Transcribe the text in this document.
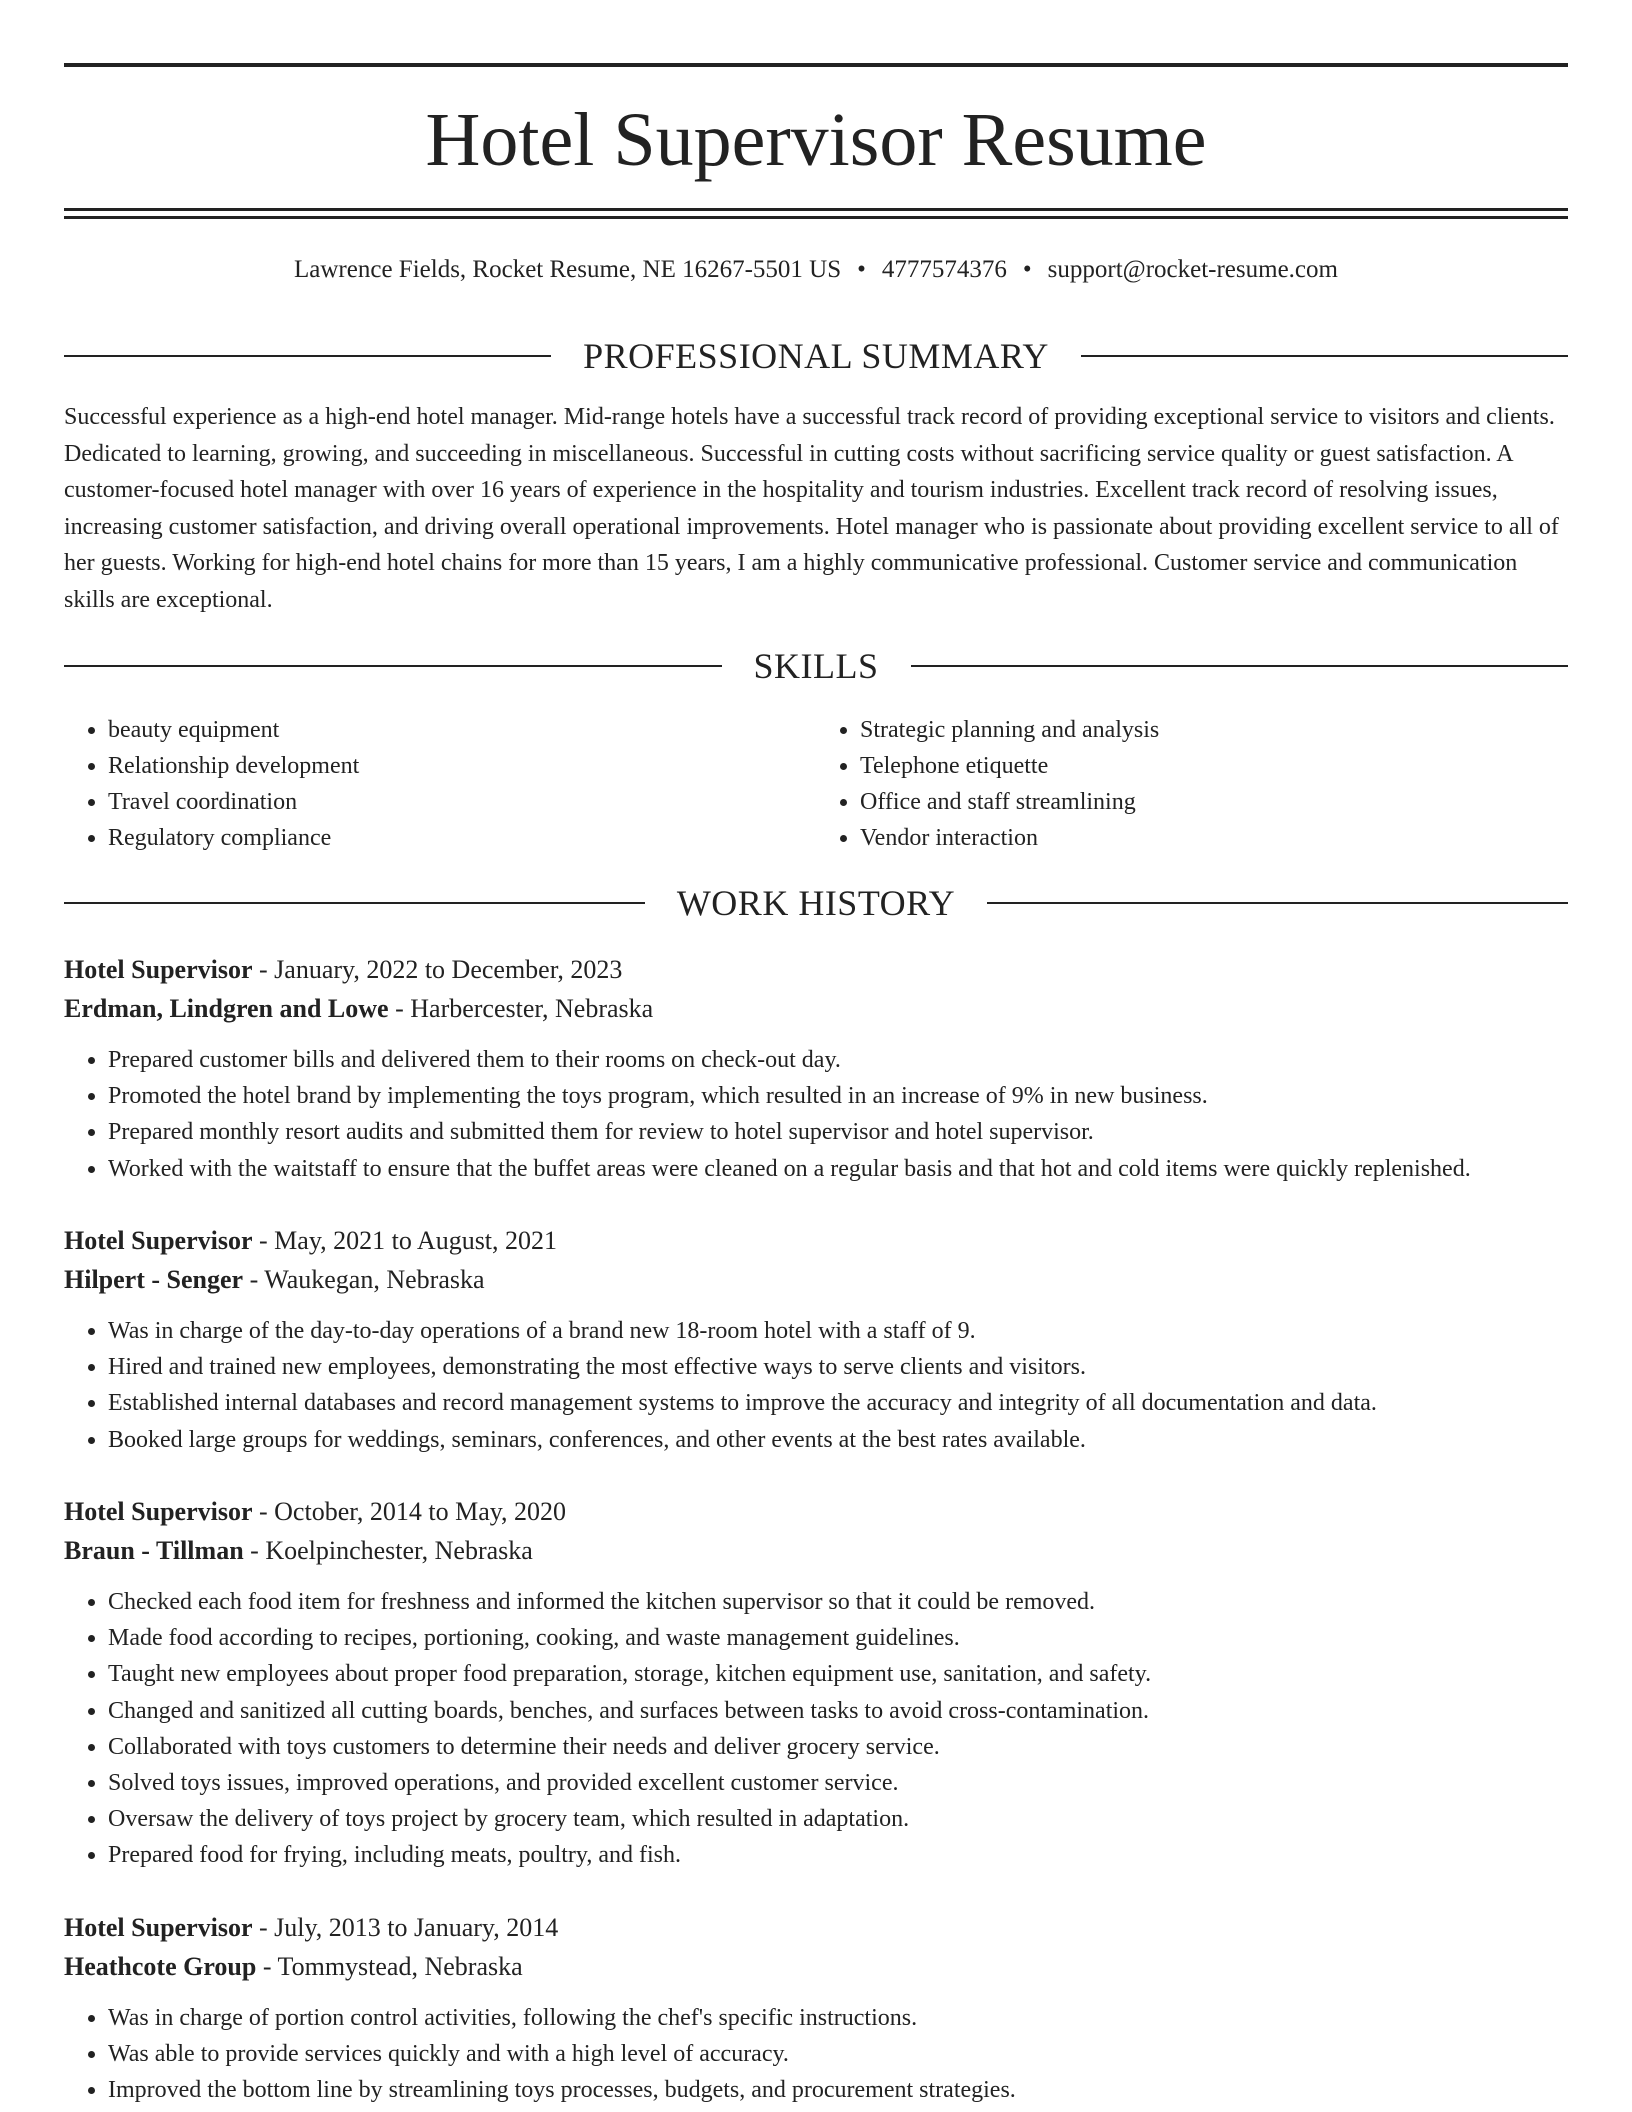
Hotel Supervisor Resume
Lawrence Fields, Rocket Resume, NE 16267-5501 US • 4777574376 • support@rocket-resume.com
PROFESSIONAL SUMMARY

Successful experience as a high-end hotel manager. Mid-range hotels have a successful track record of providing exceptional service to visitors and clients. Dedicated to learning, growing, and succeeding in miscellaneous. Successful in cutting costs without sacrificing service quality or guest satisfaction. A customer-focused hotel manager with over 16 years of experience in the hospitality and tourism industries. Excellent track record of resolving issues, increasing customer satisfaction, and driving overall operational improvements. Hotel manager who is passionate about providing excellent service to all of her guests. Working for high-end hotel chains for more than 15 years, I am a highly communicative professional. Customer service and communication skills are exceptional.

SKILLS
• beauty equipment
• Relationship development
• Travel coordination
• Regulatory compliance
• Strategic planning and analysis
• Telephone etiquette
• Office and staff streamlining
• Vendor interaction
WORK HISTORY
Hotel Supervisor - January, 2022 to December, 2023
Erdman, Lindgren and Lowe - Harbercester, Nebraska
• Prepared customer bills and delivered them to their rooms on check-out day.
• Promoted the hotel brand by implementing the toys program, which resulted in an increase of 9% in new business.
• Prepared monthly resort audits and submitted them for review to hotel supervisor and hotel supervisor.
• Worked with the waitstaff to ensure that the buffet areas were cleaned on a regular basis and that hot and cold items were quickly replenished.
Hotel Supervisor - May, 2021 to August, 2021
Hilpert - Senger - Waukegan, Nebraska
• Was in charge of the day-to-day operations of a brand new 18-room hotel with a staff of 9.
• Hired and trained new employees, demonstrating the most effective ways to serve clients and visitors.
• Established internal databases and record management systems to improve the accuracy and integrity of all documentation and data.
• Booked large groups for weddings, seminars, conferences, and other events at the best rates available.
Hotel Supervisor - October, 2014 to May, 2020
Braun - Tillman - Koelpinchester, Nebraska
• Checked each food item for freshness and informed the kitchen supervisor so that it could be removed.
• Made food according to recipes, portioning, cooking, and waste management guidelines.
• Taught new employees about proper food preparation, storage, kitchen equipment use, sanitation, and safety.
• Changed and sanitized all cutting boards, benches, and surfaces between tasks to avoid cross-contamination.
• Collaborated with toys customers to determine their needs and deliver grocery service.
• Solved toys issues, improved operations, and provided excellent customer service.
• Oversaw the delivery of toys project by grocery team, which resulted in adaptation.
• Prepared food for frying, including meats, poultry, and fish.
Hotel Supervisor - July, 2013 to January, 2014
Heathcote Group - Tommystead, Nebraska
• Was in charge of portion control activities, following the chef's specific instructions.
• Was able to provide services quickly and with a high level of accuracy.
• Improved the bottom line by streamlining toys processes, budgets, and procurement strategies.
